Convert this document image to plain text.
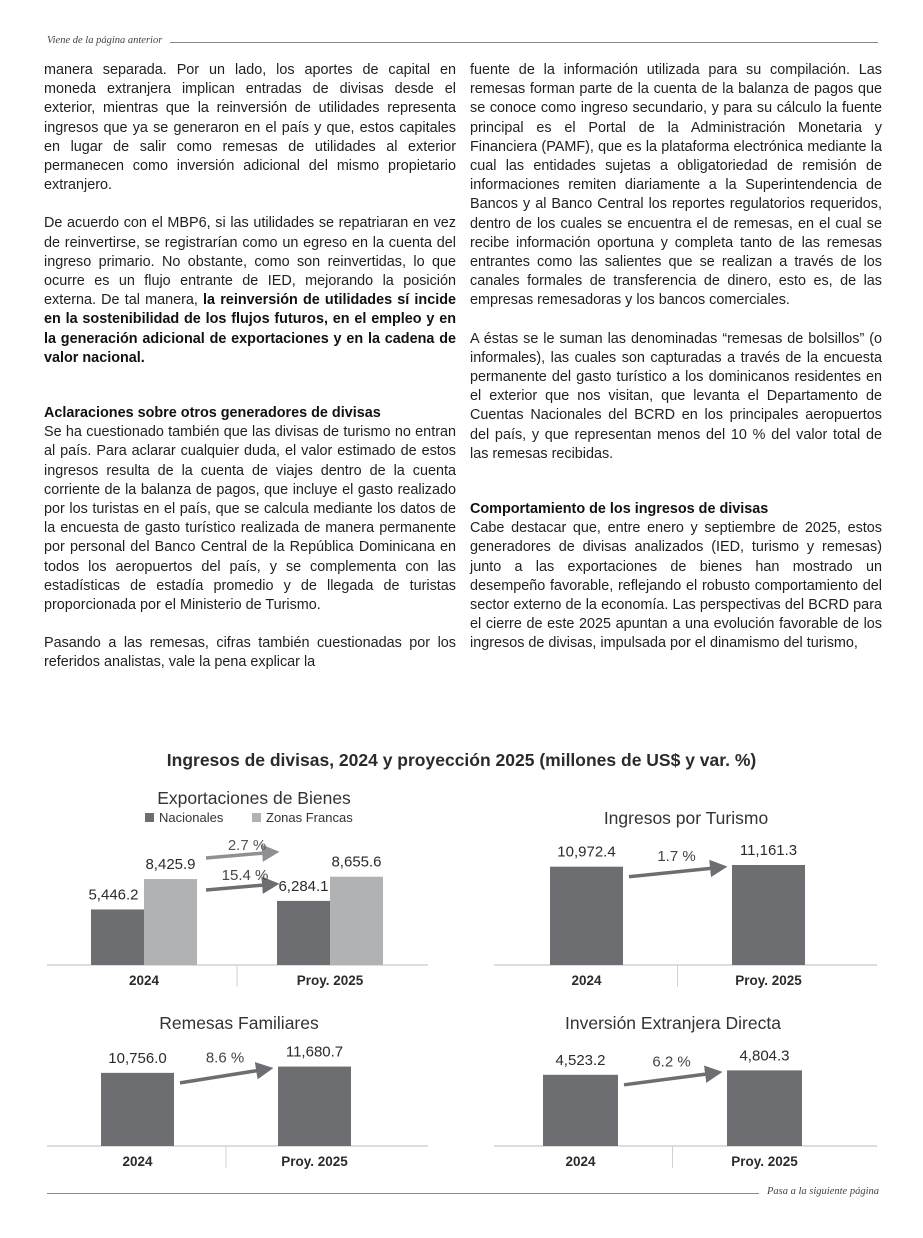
Viene de la página anterior

manera separada. Por un lado, los aportes de capital en moneda extranjera implican entradas de divisas desde el exterior, mientras que la reinversión de utilidades representa ingresos que ya se generaron en el país y que, estos capitales en lugar de salir como remesas de utilidades al exterior permanecen como inversión adicional del mismo propietario extranjero.

De acuerdo con el MBP6, si las utilidades se repatriaran en vez de reinvertirse, se registrarían como un egreso en la cuenta del ingreso primario. No obstante, como son reinvertidas, lo que ocurre es un flujo entrante de IED, mejorando la posición externa. De tal manera, la reinversión de utilidades sí incide en la sostenibilidad de los flujos futuros, en el empleo y en la generación adicional de exportaciones y en la cadena de valor nacional.

Aclaraciones sobre otros generadores de divisas

Se ha cuestionado también que las divisas de turismo no entran al país. Para aclarar cualquier duda, el valor estimado de estos ingresos resulta de la cuenta de viajes dentro de la cuenta corriente de la balanza de pagos, que incluye el gasto realizado por los turistas en el país, que se calcula mediante los datos de la encuesta de gasto turístico realizada de manera permanente por personal del Banco Central de la República Dominicana en todos los aeropuertos del país, y se complementa con las estadísticas de estadía promedio y de llegada de turistas proporcionada por el Ministerio de Turismo.

Pasando a las remesas, cifras también cuestionadas por los referidos analistas, vale la pena explicar la

fuente de la información utilizada para su compilación. Las remesas forman parte de la cuenta de la balanza de pagos que se conoce como ingreso secundario, y para su cálculo la fuente principal es el Portal de la Administración Monetaria y Financiera (PAMF), que es la plataforma electrónica mediante la cual las entidades sujetas a obligatoriedad de remisión de informaciones remiten diariamente a la Superintendencia de Bancos y al Banco Central los reportes regulatorios requeridos, dentro de los cuales se encuentra el de remesas, en el cual se recibe información oportuna y completa tanto de las remesas entrantes como las salientes que se realizan a través de los canales formales de transferencia de dinero, esto es, de las empresas remesadoras y los bancos comerciales.

A éstas se le suman las denominadas “remesas de bolsillos” (o informales), las cuales son capturadas a través de la encuesta permanente del gasto turístico a los dominicanos residentes en el exterior que nos visitan, que levanta el Departamento de Cuentas Nacionales del BCRD en los principales aeropuertos del país, y que representan menos del 10 % del valor total de las remesas recibidas.

Comportamiento de los ingresos de divisas

Cabe destacar que, entre enero y septiembre de 2025, estos generadores de divisas analizados (IED, turismo y remesas) junto a las exportaciones de bienes han mostrado un desempeño favorable, reflejando el robusto comportamiento del sector externo de la economía. Las perspectivas del BCRD para el cierre de este 2025 apuntan a una evolución favorable de los ingresos de divisas, impulsada por el dinamismo del turismo,

Ingresos de divisas, 2024 y proyección 2025 (millones de US$ y var. %)
Exportaciones de Bienes
Nacionales	Zonas Francas
5,446.2
6,284.1
8,425.9	8,655.6
2024	Proy. 2025
2.7 %
15.4 %
Ingresos por Turismo
10,972.4
2024
11,161.3
Proy. 2025
1.7 %
Remesas Familiares
10,756.0
2024
11,680.7
Proy. 2025
8.6 %
Inversión Extranjera Directa
4,523.2
2024
4,804.3
Proy. 2025
6.2 %
Pasa a la siguiente página
